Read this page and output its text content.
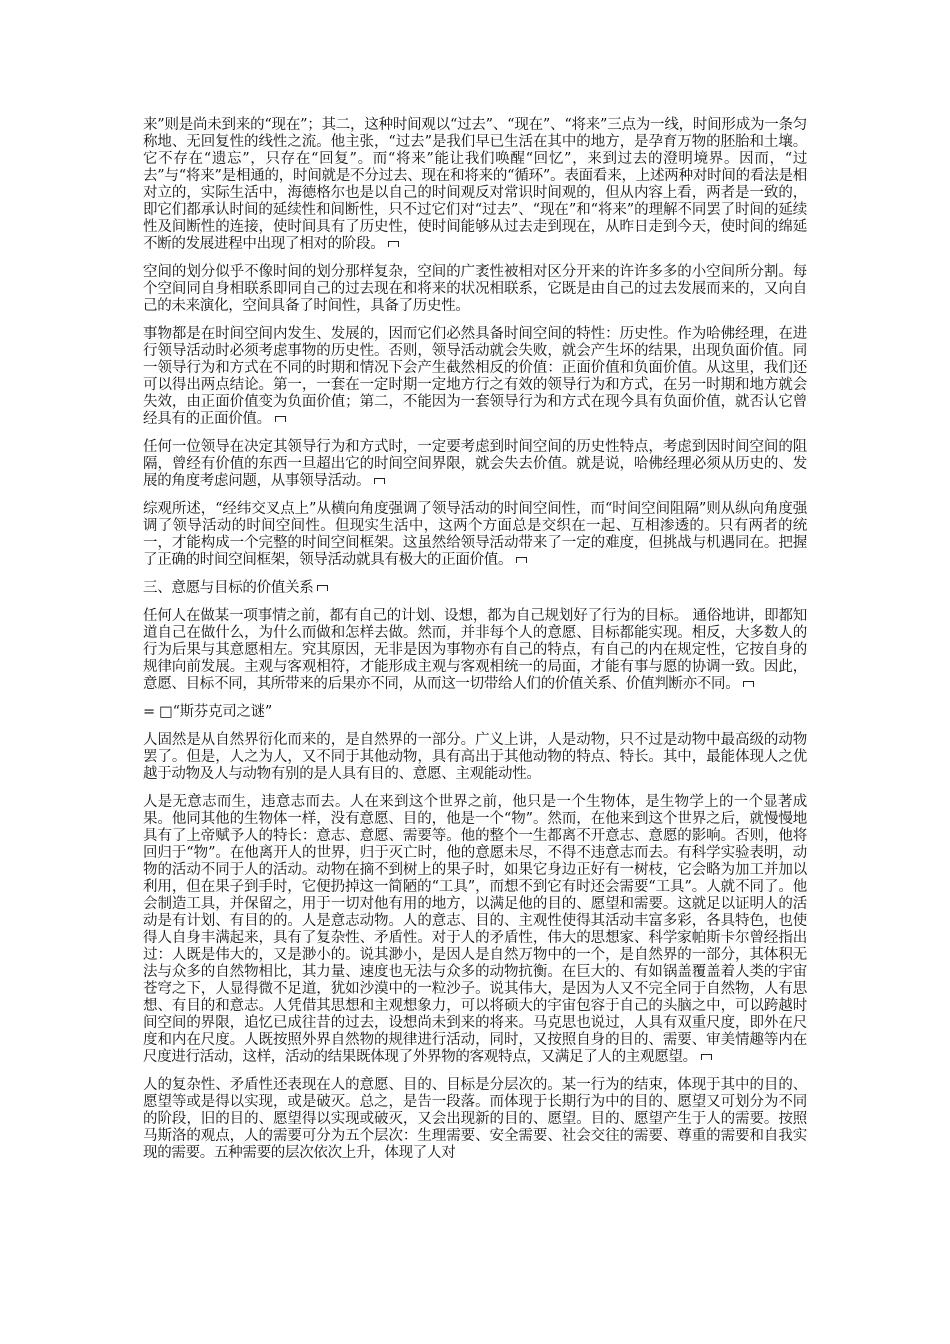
来”则是尚未到来的“现在”；其二，这种时间观以“过去”、“现在”、“将来”三点为一线，时间形成为一条匀称地、无回复性的线性之流。他主张，“过去”是我们早已生活在其中的地方，是孕育万物的胚胎和土壤。它不存在“遗忘”，只存在“回复”。而“将来”能让我们唤醒“回忆”，来到过去的澄明境界。因而，“过去”与“将来”是相通的，时间就是不分过去、现在和将来的“循环”。表面看来，上述两种对时间的看法是相对立的，实际生活中，海德格尔也是以自己的时间观反对常识时间观的，但从内容上看，两者是一致的，即它们都承认时间的延续性和间断性，只不过它们对“过去”、“现在”和“将来”的理解不同罢了时间的延续性及间断性的连接，使时间具有了历史性，使时间能够从过去走到现在，从昨日走到今天，使时间的绵延不断的发展进程中出现了相对的阶段。

空间的划分似乎不像时间的划分那样复杂，空间的广袤性被相对区分开来的许许多多的小空间所分割。每个空间同自身相联系即同自己的过去现在和将来的状况相联系，它既是由自己的过去发展而来的，又向自己的未来演化，空间具备了时间性，具备了历史性。

事物都是在时间空间内发生、发展的，因而它们必然具备时间空间的特性：历史性。作为哈佛经理，在进行领导活动时必须考虑事物的历史性。否则，领导活动就会失败，就会产生坏的结果，出现负面价值。同一领导行为和方式在不同的时期和情况下会产生截然相反的价值：正面价值和负面价值。从这里，我们还可以得出两点结论。第一，一套在一定时期一定地方行之有效的领导行为和方式，在另一时期和地方就会失效，由正面价值变为负面价值；第二，不能因为一套领导行为和方式在现今具有负面价值，就否认它曾经具有的正面价值。

任何一位领导在决定其领导行为和方式时，一定要考虑到时间空间的历史性特点，考虑到因时间空间的阻隔，曾经有价值的东西一旦超出它的时间空间界限，就会失去价值。就是说，哈佛经理必须从历史的、发展的角度考虑问题，从事领导活动。

综观所述，“经纬交叉点上”从横向角度强调了领导活动的时间空间性，而“时间空间阻隔”则从纵向角度强调了领导活动的时间空间性。但现实生活中，这两个方面总是交织在一起、互相渗透的。只有两者的统一，才能构成一个完整的时间空间框架。这虽然给领导活动带来了一定的难度，但挑战与机遇同在。把握了正确的时间空间框架，领导活动就具有极大的正面价值。

三、意愿与目标的价值关系

任何人在做某一项事情之前，都有自己的计划、设想，都为自己规划好了行为的目标。 通俗地讲，即都知道自己在做什么，为什么而做和怎样去做。然而，并非每个人的意愿、目标都能实现。相反，大多数人的行为后果与其意愿相左。究其原因，无非是因为事物亦有自己的特点，有自己的内在规定性，它按自身的规律向前发展。主观与客观相符，才能形成主观与客观相统一的局面，才能有事与愿的协调一致。因此，意愿、目标不同，其所带来的后果亦不同，从而这一切带给人们的价值关系、价值判断亦不同。

= □“斯芬克司之谜”

人固然是从自然界衍化而来的，是自然界的一部分。广义上讲，人是动物，只不过是动物中最高级的动物罢了。但是，人之为人，又不同于其他动物，具有高出于其他动物的特点、特长。其中，最能体现人之优越于动物及人与动物有别的是人具有目的、意愿、主观能动性。

人是无意志而生，违意志而去。人在来到这个世界之前，他只是一个生物体，是生物学上的一个显著成果。他同其他的生物体一样，没有意愿、目的，他是一个“物”。然而，在他来到这个世界之后，就慢慢地具有了上帝赋予人的特长：意志、意愿、需要等。他的整个一生都离不开意志、意愿的影响。否则，他将回归于“物”。在他离开人的世界，归于灭亡时，他的意愿未尽，不得不违意志而去。有科学实验表明，动物的活动不同于人的活动。动物在摘不到树上的果子时，如果它身边正好有一树枝，它会略为加工并加以利用，但在果子到手时，它便扔掉这一简陋的“工具”，而想不到它有时还会需要“工具”。人就不同了。他会制造工具，并保留之，用于一切对他有用的地方，以满足他的目的、愿望和需要。这就足以证明人的活动是有计划、有目的的。人是意志动物。人的意志、目的、主观性使得其活动丰富多彩，各具特色，也使得人自身丰满起来，具有了复杂性、矛盾性。对于人的矛盾性，伟大的思想家、科学家帕斯卡尔曾经指出过：人既是伟大的，又是渺小的。说其渺小，是因人是自然万物中的一个，是自然界的一部分，其体积无法与众多的自然物相比，其力量、速度也无法与众多的动物抗衡。在巨大的、有如锅盖覆盖着人类的宇宙苍穹之下，人显得微不足道，犹如沙漠中的一粒沙子。说其伟大，是因为人又不完全同于自然物，人有思想、有目的和意志。人凭借其思想和主观想象力，可以将硕大的宇宙包容于自己的头脑之中，可以跨越时间空间的界限，追忆已成往昔的过去，设想尚未到来的将来。马克思也说过，人具有双重尺度，即外在尺度和内在尺度。人既按照外界自然物的规律进行活动，同时，又按照自身的目的、需要、审美情趣等内在尺度进行活动，这样，活动的结果既体现了外界物的客观特点，又满足了人的主观愿望。

人的复杂性、矛盾性还表现在人的意愿、目的、目标是分层次的。某一行为的结束，体现于其中的目的、愿望等或是得以实现，或是破灭。总之，是告一段落。而体现于长期行为中的目的、愿望又可划分为不同的阶段，旧的目的、愿望得以实现或破灭，又会出现新的目的、愿望。目的、愿望产生于人的需要。按照马斯洛的观点，人的需要可分为五个层次：生理需要、安全需要、社会交往的需要、尊重的需要和自我实现的需要。五种需要的层次依次上升，体现了人对
